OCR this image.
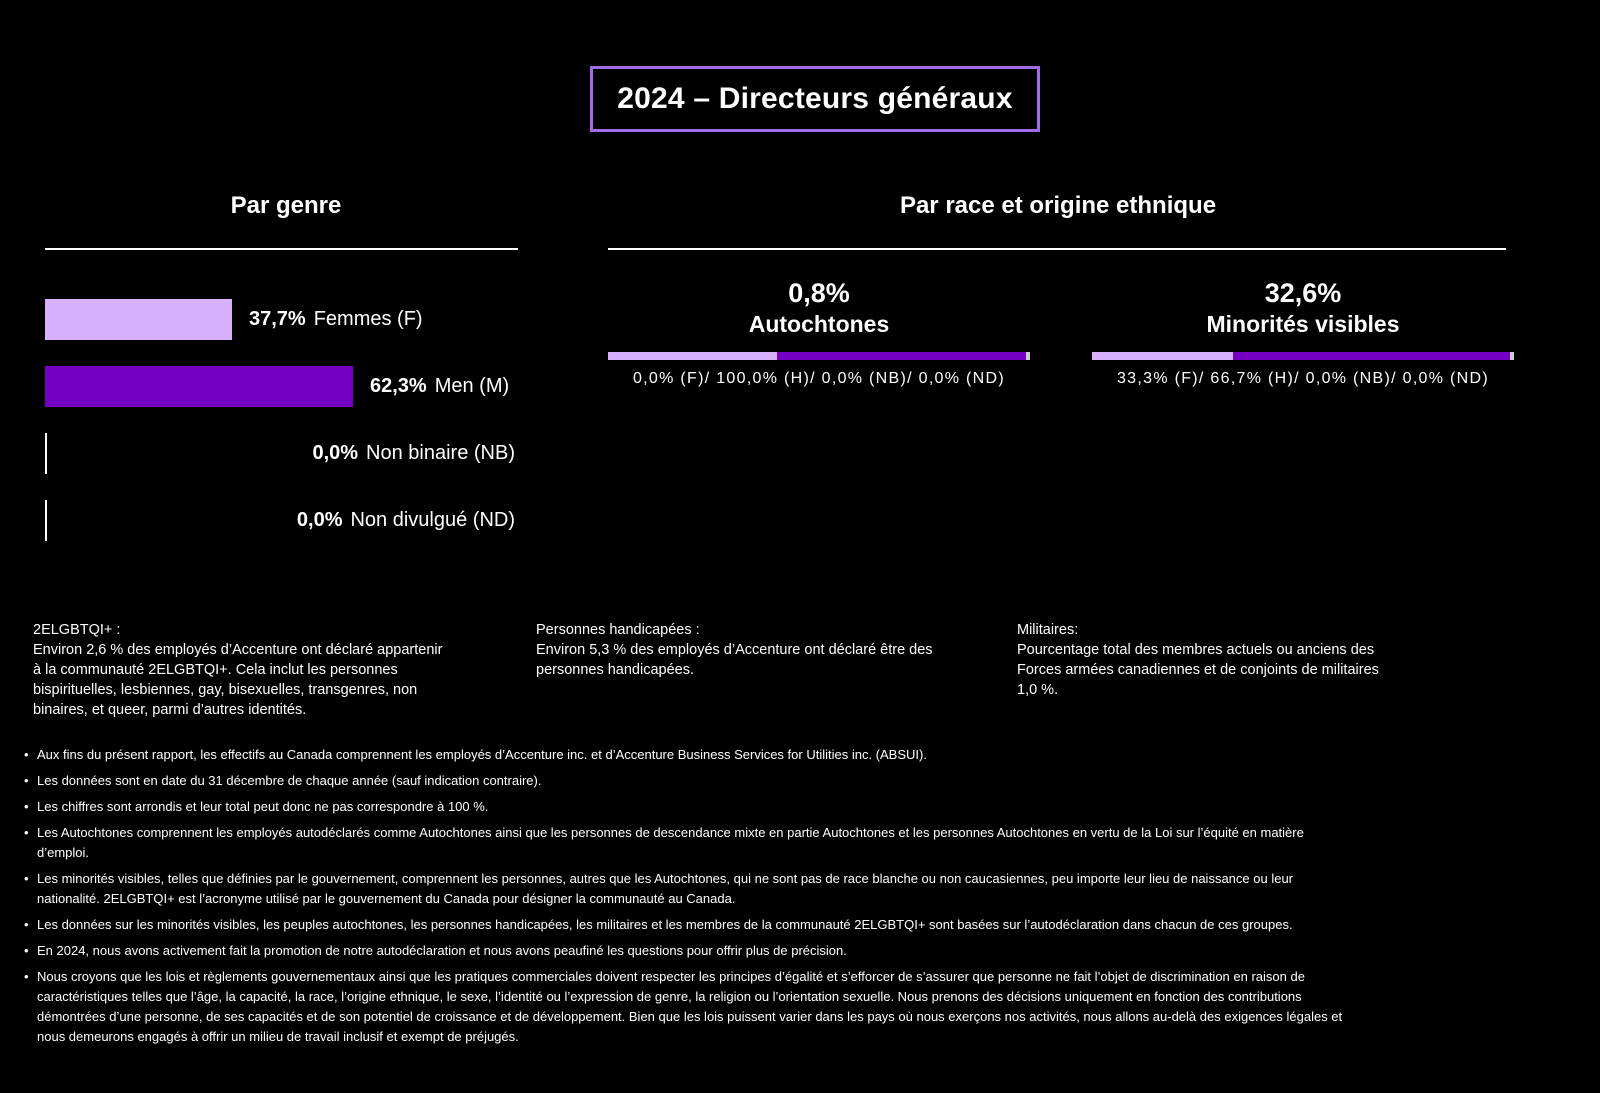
2024 – Directeurs généraux
Par genre
37,7% Femmes (F)
62,3% Men (M)
0,0% Non binaire (NB)
0,0% Non divulgué (ND)
Par race et origine ethnique
0,8%
Autochtones
0,0% (F)/ 100,0% (H)/ 0,0% (NB)/ 0,0% (ND)
32,6%
Minorités visibles
33,3% (F)/ 66,7% (H)/ 0,0% (NB)/ 0,0% (ND)
2ELGBTQI+ :
Environ 2,6 % des employés d’Accenture ont déclaré appartenir à la communauté 2ELGBTQI+. Cela inclut les personnes bispirituelles, lesbiennes, gay, bisexuelles, transgenres, non binaires, et queer, parmi d’autres identités.
Personnes handicapées :
Environ 5,3 % des employés d’Accenture ont déclaré être des personnes handicapées.
Militaires:
Pourcentage total des membres actuels ou anciens des Forces armées canadiennes et de conjoints de militaires 1,0 %.
• Aux fins du présent rapport, les effectifs au Canada comprennent les employés d’Accenture inc. et d’Accenture Business Services for Utilities inc. (ABSUI).
• Les données sont en date du 31 décembre de chaque année (sauf indication contraire).
• Les chiffres sont arrondis et leur total peut donc ne pas correspondre à 100 %.
• Les Autochtones comprennent les employés autodéclarés comme Autochtones ainsi que les personnes de descendance mixte en partie Autochtones et les personnes Autochtones en vertu de la Loi sur l’équité en matière d’emploi.
• Les minorités visibles, telles que définies par le gouvernement, comprennent les personnes, autres que les Autochtones, qui ne sont pas de race blanche ou non caucasiennes, peu importe leur lieu de naissance ou leur nationalité. 2ELGBTQI+ est l’acronyme utilisé par le gouvernement du Canada pour désigner la communauté au Canada.
• Les données sur les minorités visibles, les peuples autochtones, les personnes handicapées, les militaires et les membres de la communauté 2ELGBTQI+ sont basées sur l’autodéclaration dans chacun de ces groupes.
• En 2024, nous avons activement fait la promotion de notre autodéclaration et nous avons peaufiné les questions pour offrir plus de précision.
• Nous croyons que les lois et règlements gouvernementaux ainsi que les pratiques commerciales doivent respecter les principes d’égalité et s’efforcer de s’assurer que personne ne fait l’objet de discrimination en raison de caractéristiques telles que l’âge, la capacité, la race, l’origine ethnique, le sexe, l’identité ou l’expression de genre, la religion ou l’orientation sexuelle. Nous prenons des décisions uniquement en fonction des contributions démontrées d’une personne, de ses capacités et de son potentiel de croissance et de développement. Bien que les lois puissent varier dans les pays où nous exerçons nos activités, nous allons au-delà des exigences légales et nous demeurons engagés à offrir un milieu de travail inclusif et exempt de préjugés.
